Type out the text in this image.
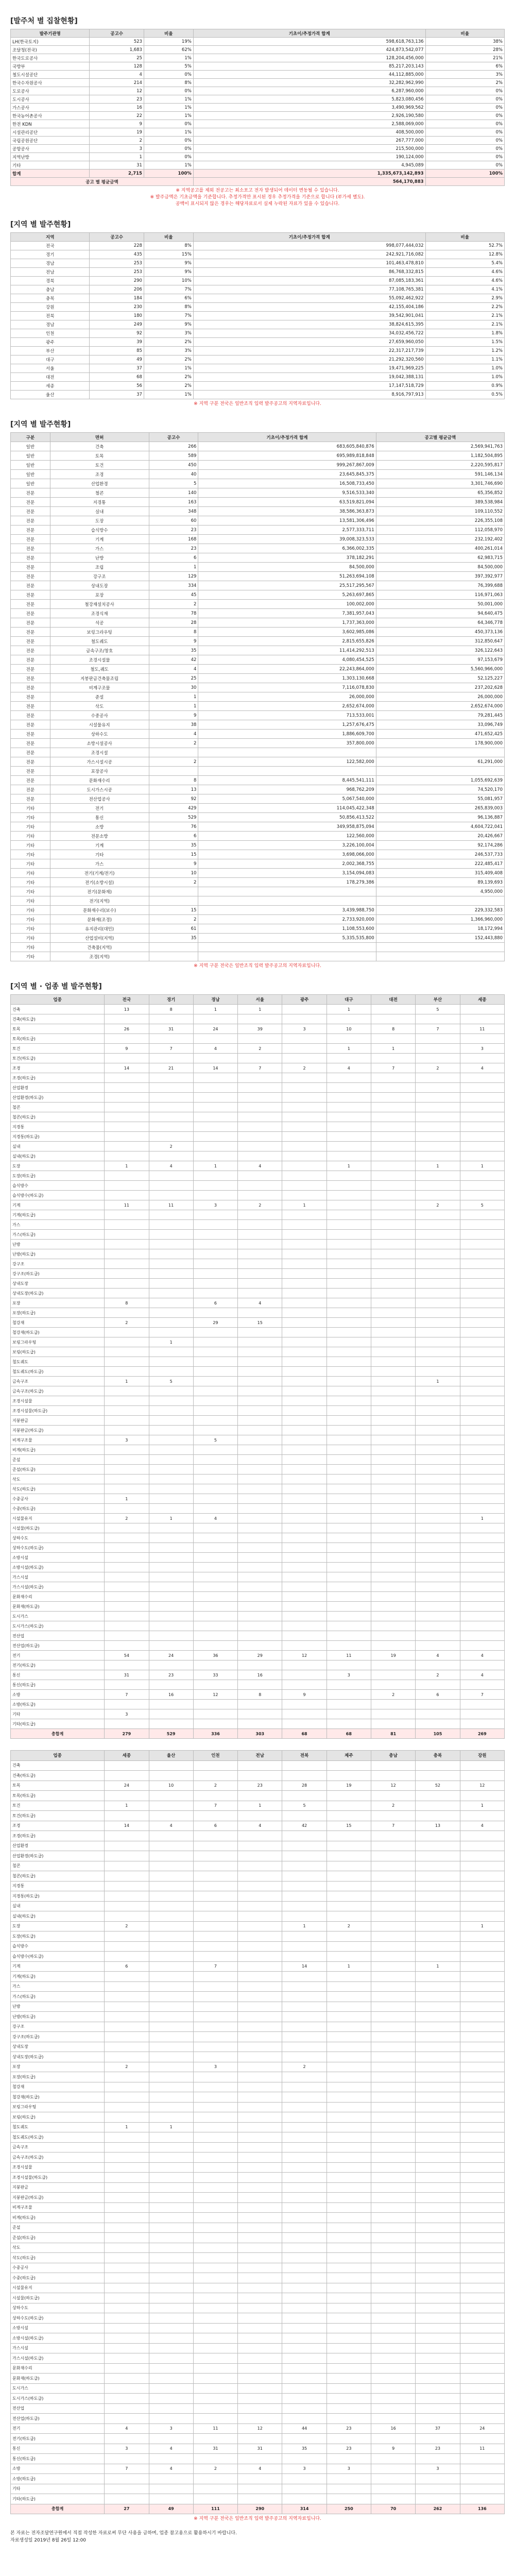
[발주처 별 집찰현황]
발주기관명	공고수	비율	기초이/추정가격 합계	비율
LH(한국토지)	523	19%	598,618,763,136	38%
조달청(전국)	1,683	62%	424,873,542,077	28%
한국도로공사	25	1%	128,204,456,000	21%
국방부	128	5%	85,217,203,143	6%
철도시설공단	4	0%	44,112,885,000	3%
한국수자원공사	214	8%	32,282,962,990	2%
도로공사	12	0%	6,287,960,000	0%
도시공사	23	1%	5,823,080,456	0%
가스공사	16	1%	3,490,969,562	0%
한국농어촌공사	22	1%	2,926,190,580	0%
한전 KDN	9	0%	2,588,069,000	0%
시설관리공단	19	1%	408,500,000	0%
국립공원공단	2	0%	267,777,000	0%
공항공사	3	0%	215,500,000	0%
지역난방	1	0%	190,124,000	0%
기타	31	1%	4,945,089	0%
합계	2,715	100%	1,335,673,142,893	100%
공고 별 평균금액			564,170,883	
※ 지역공고를 제외 전공고는 최소포고 전자 발생되어 데이터 변동될 수 있습니다.
※ 발주금액은 기초금액을 기준합니다. 추정가격만 표시된 경우 추정가격을 기준으로 합니다 (부가세 별도).
공백이 표시되지 않은 경우는 해당자료로서 실제 누락된 자료가 있을 수 있습니다.
[지역 별 발주현황]
지역	공고수	비율	기초이/추정가격 합계	비율
전국	228	8%	998,077,444,032	52.7%
경기	435	15%	242,921,716,082	12.8%
경남	253	9%	101,463,478,810	5.4%
전남	253	9%	86,768,332,815	4.6%
경북	290	10%	87,085,183,361	4.6%
충남	206	7%	77,108,765,381	4.1%
충북	184	6%	55,092,462,922	2.9%
강원	230	8%	42,155,404,186	2.2%
전북	180	7%	39,542,901,041	2.1%
경남	249	9%	38,824,615,395	2.1%
인천	92	3%	34,032,456,722	1.8%
광주	39	2%	27,659,960,050	1.5%
부산	85	3%	22,317,217,739	1.2%
대구	49	2%	21,292,320,560	1.1%
서울	37	1%	19,471,969,225	1.0%
대전	68	2%	19,042,388,131	1.0%
세종	56	2%	17,147,518,729	0.9%
울산	37	1%	8,916,797,913	0.5%
※ 지역 구분 전국은 일반조직 입력 발주공고의 지역자료입니다.
[지역 별 발주현황]
구분	면허	공고수	기초이/추정가격 합계	공고별 평균금액
일반	건축	266	683,605,840,876	2,569,941,763
일반	토목	589	695,989,818,848	1,182,504,895
일반	토건	450	999,267,867,009	2,220,595,817
일반	조경	40	23,645,845,375	591,146,134
일반	산업환경	5	16,508,733,450	3,301,746,690
전문	철콘	140	9,516,533,340	65,356,852
전문	지경통	163	63,519,821,094	389,538,984
전문	실내	348	38,586,363,873	109,110,552
전문	도장	60	13,581,306,496	226,355,108
전문	습식방수	23	2,577,333,711	112,058,970
전문	기계	168	39,008,323,533	232,192,402
전문	가스	23	6,366,002,335	400,261,014
전문	난방	6	378,182,291	62,983,715
전문	조립	1	84,500,000	84,500,000
전문	강구조	129	51,263,694,108	397,392,977
전문	상내도장	334	25,517,295,567	76,399,688
전문	포장	45	5,263,697,865	116,971,063
전문	철강재설치공사	2	100,002,000	50,001,000
전문	조경식재	78	7,381,957,043	94,640,475
전문	석공	28	1,737,363,000	64,346,778
전문	보링그라우팅	8	3,602,985,086	450,373,136
전문	철도궤도	9	2,815,655,826	312,850,647
전문	금속구조/창호	35	11,414,292,513	326,122,643
전문	조경시설물	42	4,080,454,525	97,153,679
전문	철도,궤도	4	22,243,864,000	5,560,966,000
전문	지붕판금건축물조립	25	1,303,130,668	52,125,227
전문	비계구조물	30	7,116,078,830	237,202,628
전문	준설	1	26,000,000	26,000,000
전문	삭도	1	2,652,674,000	2,652,674,000
전문	수중공사	9	713,533,001	79,281,445
전문	시설물유지	38	1,257,676,475	33,096,749
전문	상하수도	4	1,886,609,700	471,652,425
전문	소방시설공사	2	357,800,000	178,900,000
전문	조경시설			
전문	가스시설시공	2	122,582,000	61,291,000
전문	포장공사			
전문	문화재수리	8	8,445,541,111	1,055,692,639
전문	도시가스시공	13	968,762,209	74,520,170
전문	전산업공사	92	5,067,540,000	55,081,957
기타	전기	429	114,045,422,348	265,839,003
기타	통신	529	50,856,413,522	96,136,887
기타	소방	76	349,958,875,094	4,604,722,041
기타	전문소방	6	122,560,000	20,426,667
기타	기계	35	3,226,100,004	92,174,286
기타	기타	15	3,698,066,000	246,537,733
기타	가스	9	2,002,368,755	222,485,417
기타	전기(기계/전기)	10	3,154,094,083	315,409,408
기타	전기(소방시설)	2	178,279,386	89,139,693
기타	전기(문화재)			4,950,000
기타	전기(지역)			
기타	문화재수리(보수)	15	3,439,988,750	229,332,583
기타	문화재(조경)	2	2,733,920,000	1,366,960,000
기타	유지관리(대민)	61	1,108,553,600	18,172,994
기타	산업설비(지역)	35	5,335,535,800	152,443,880
기타	건축물(지역)			
기타	조경(지역)			
※ 지역 구분 전국은 일반조직 입력 발주공고의 지역자료입니다.
[지역 별 · 업종 별 발주현황]
업종	전국	경기	경남	서울	광주	대구	대전	부산	세종
건축	13	8	1	1		1		5	
건축(하도급)									
토목	26	31	24	39	3	10	8	7	11
토목(하도급)									
토건	9	7	4	2		1	1		3
토건(하도급)									
조경	14	21	14	7	2	4	7	2	4
조경(하도급)									
산업환경									
산업환경(하도급)									
철콘									
철콘(하도급)									
지경통									
지경통(하도급)									
실내		2							
실내(하도급)									
도장	1	4	1	4		1		1	1
도장(하도급)									
습식방수									
습식방수(하도급)									
기계	11	11	3	2	1			2	5
기계(하도급)									
가스									
가스(하도급)									
난방									
난방(하도급)									
강구조									
강구조(하도급)									
상내도장									
상내도장(하도급)									
포장	8		6	4					
포장(하도급)									
철강재	2		29	15					
철강재(하도급)									
보링그라우팅		1							
보링(하도급)									
철도궤도									
철도궤도(하도급)									
금속구조	1	5						1	
금속구조(하도급)									
조경시설물									
조경시설물(하도급)									
지붕판금									
지붕판금(하도급)									
비계구조물	3		5						
비계(하도급)									
준설									
준설(하도급)									
삭도									
삭도(하도급)									
수중공사	1								
수중(하도급)									
시설물유지	2	1	4						1
시설물(하도급)									
상하수도									
상하수도(하도급)									
소방시설									
소방시설(하도급)									
가스시설									
가스시설(하도급)									
문화재수리									
문화재(하도급)									
도시가스									
도시가스(하도급)									
전산업									
전산업(하도급)									
전기	54	24	36	29	12	11	19	4	4
전기(하도급)									
통신	31	23	33	16		3		2	4
통신(하도급)									
소방	7	16	12	8	9		2	6	7
소방(하도급)									
기타	3								
기타(하도급)									
총합계	279	529	336	303	68	68	81	105	269
업종	세종	울산	인천	전남	전북	제주	충남	충북	강원
건축									
건축(하도급)									
토목	24	10	2	23	28	19	12	52	12
토목(하도급)									
토건	1		7	1	5		2		1
토건(하도급)									
조경	14	4	6	4	42	15	7	13	4
조경(하도급)									
산업환경									
산업환경(하도급)									
철콘									
철콘(하도급)									
지경통									
지경통(하도급)									
실내									
실내(하도급)									
도장	2				1	2			1
도장(하도급)									
습식방수									
습식방수(하도급)									
기계	6		7		14	1		1	
기계(하도급)									
가스									
가스(하도급)									
난방									
난방(하도급)									
강구조									
강구조(하도급)									
상내도장									
상내도장(하도급)									
포장	2		3		2				
포장(하도급)									
철강재									
철강재(하도급)									
보링그라우팅									
보링(하도급)									
철도궤도	1	1							
철도궤도(하도급)									
금속구조									
금속구조(하도급)									
조경시설물									
조경시설물(하도급)									
지붕판금									
지붕판금(하도급)									
비계구조물									
비계(하도급)									
준설									
준설(하도급)									
삭도									
삭도(하도급)									
수중공사									
수중(하도급)									
시설물유지									
시설물(하도급)									
상하수도									
상하수도(하도급)									
소방시설									
소방시설(하도급)									
가스시설									
가스시설(하도급)									
문화재수리									
문화재(하도급)									
도시가스									
도시가스(하도급)									
전산업									
전산업(하도급)									
전기	4	3	11	12	44	23	16	37	24
전기(하도급)									
통신	3	4	31	31	35	23	9	23	11
통신(하도급)									
소방	7	4	2	4	3	3		3	
소방(하도급)									
기타									
기타(하도급)									
총합계	27	49	111	290	314	250	70	262	136
※ 지역 구분 전국은 일반조직 입력 발주공고의 지역자료입니다.
본 자료는 전자조달연구원에서 직접 작성한 자료로써 무단 사용을 금하며, 업종 참고용으로 활용하시기 바랍니다.
자료생성일 2019년 8월 26일 12:00
